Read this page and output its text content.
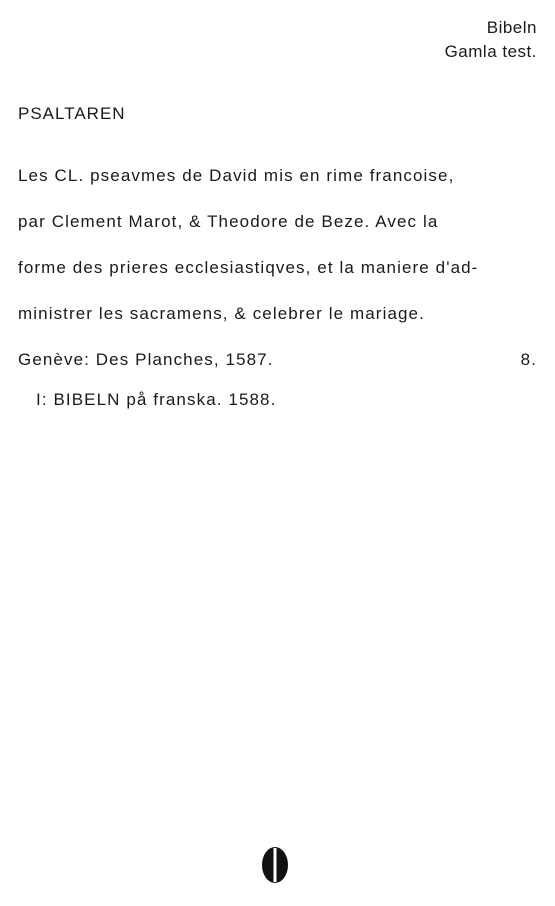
Bibeln
Gamla test.
PSALTAREN
Les CL. pseavmes de David mis en rime francoise,
par Clement Marot, & Theodore de Beze. Avec la
forme des prieres ecclesiastiqves, et la maniere d'ad-
ministrer les sacramens, & celebrer le mariage.
Genève: Des Planches, 1587.	8.
I: BIBELN på franska. 1588.
